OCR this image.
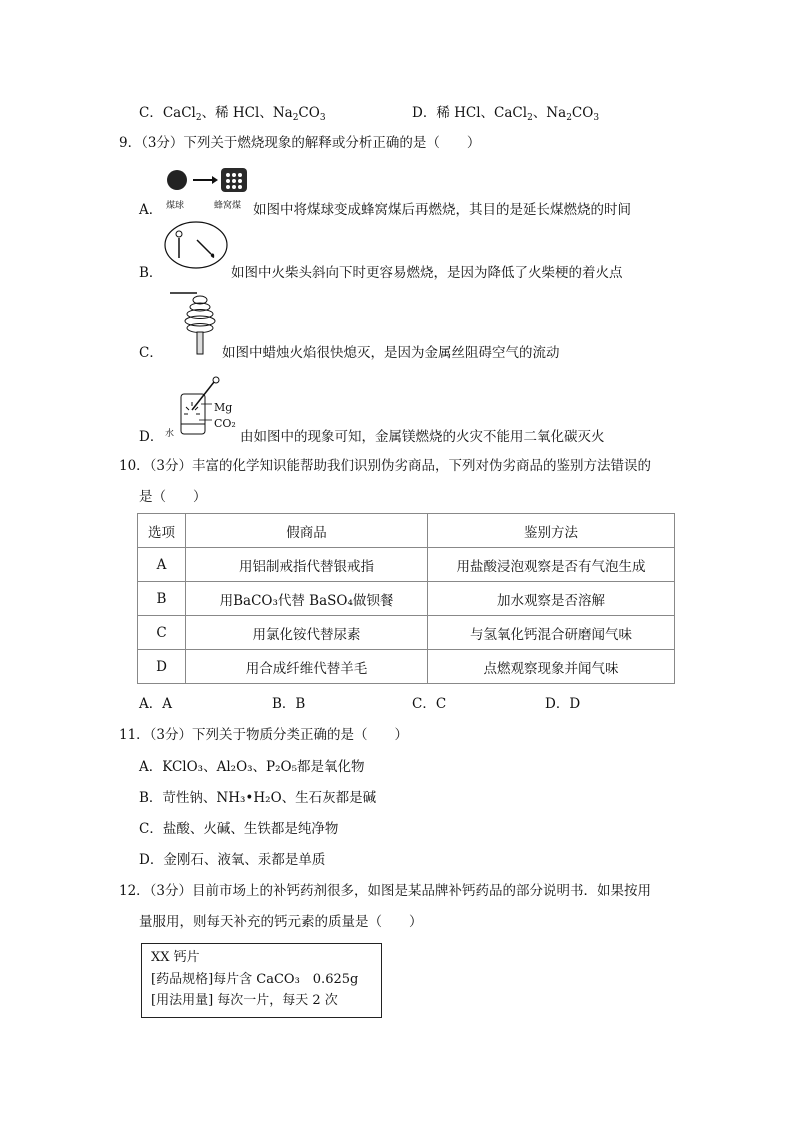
C．CaCl$_2$、稀 HCl、$Na_2CO_3$	D．稀 HCl、CaCl$_2$、$Na_2CO_3$
9．（3分）下列关于燃烧现象的解释或分析正确的是（　　）
A． 煤球	蜂窝煤 如图中将煤球变成蜂窝煤后再燃烧，其目的是延长煤燃烧的时间
B．	如图中火柴头斜向下时更容易燃烧，是因为降低了火柴梗的着火点
C．	如图中蜡烛火焰很快熄灭，是因为金属丝阻碍空气的流动
D．
Mg
CO₂
水	由如图中的现象可知，金属镁燃烧的火灾不能用二氧化碳灭火
10．（3分）丰富的化学知识能帮助我们识别伪劣商品，下列对伪劣商品的鉴别方法错误的
是（　　）
选项	假商品	鉴别方法
A	用铝制戒指代替银戒指	用盐酸浸泡观察是否有气泡生成
B	用BaCO₃代替 BaSO₄做钡餐	加水观察是否溶解
C	用氯化铵代替尿素	与氢氧化钙混合研磨闻气味
D	用合成纤维代替羊毛	点燃观察现象并闻气味
A．A	B．B	C．C	D．D
11．（3分）下列关于物质分类正确的是（　　）
A．KClO₃、Al₂O₃、P₂O₅都是氧化物
B．苛性钠、NH₃•H₂O、生石灰都是碱
C．盐酸、火碱、生铁都是纯净物
D．金刚石、液氧、汞都是单质
12．（3分）目前市场上的补钙药剂很多，如图是某品牌补钙药品的部分说明书．如果按用
量服用，则每天补充的钙元素的质量是（　　）
XX 钙片
[药品规格]每片含 CaCO₃　0.625g
[用法用量] 每次一片，每天 2 次
